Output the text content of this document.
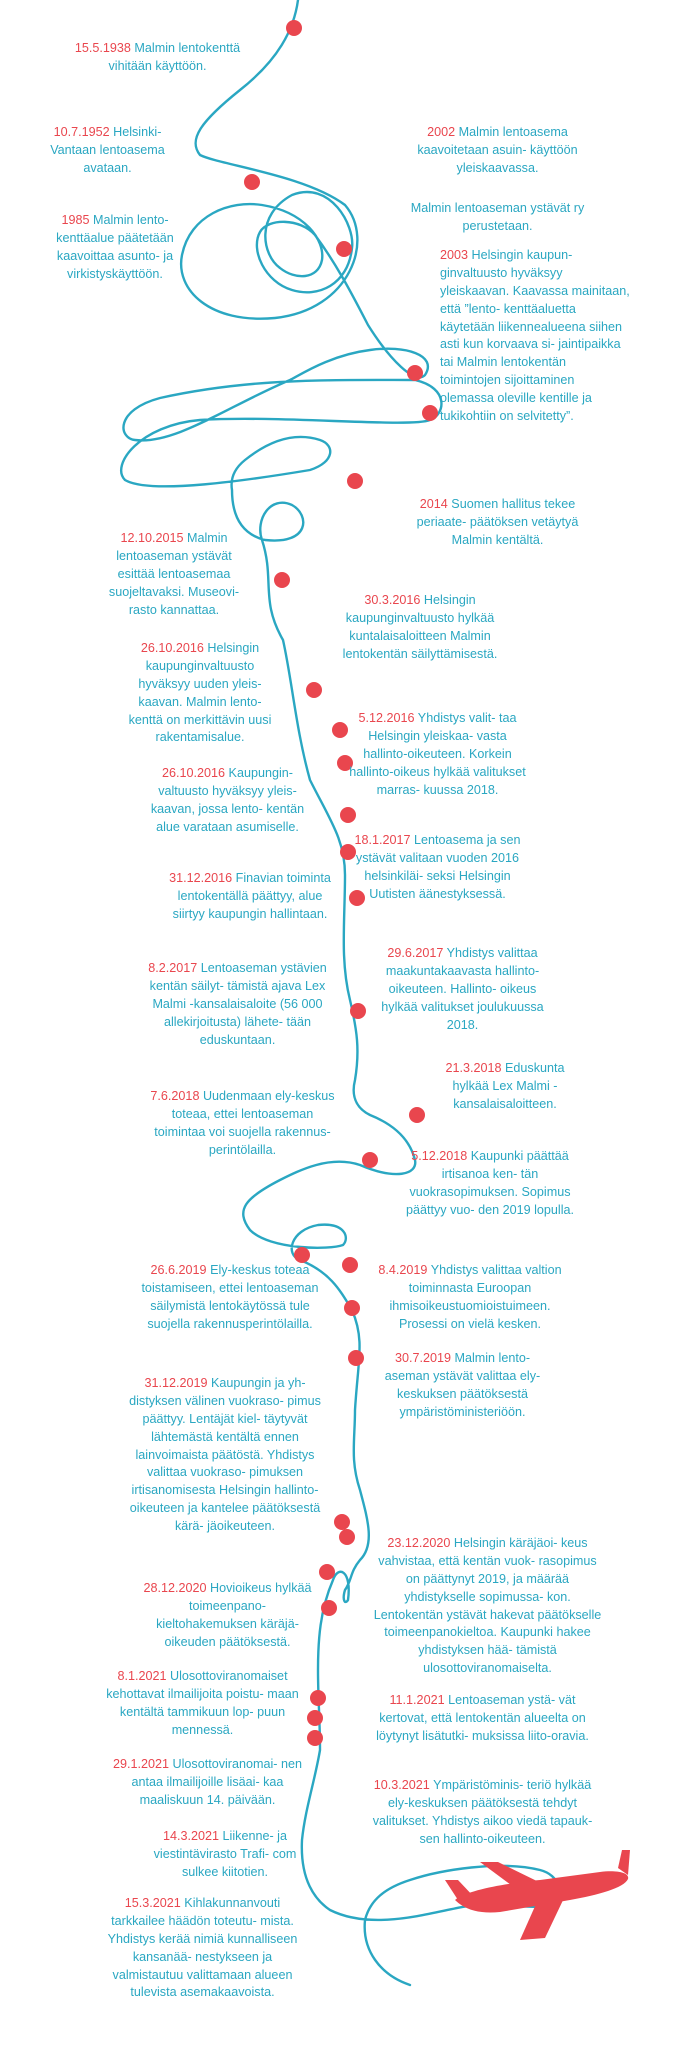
15.5.1938 Malmin lentokenttä vihitään käyttöön.
10.7.1952 Helsinki-Vantaan lentoasema avataan.
2002 Malmin lentoasema kaavoitetaan asuin- käyttöön yleiskaavassa.
Malmin lentoaseman ystävät ry perustetaan.
1985 Malmin lento- kenttäalue päätetään kaavoittaa asunto- ja virkistyskäyttöön.
2003 Helsingin kaupun- ginvaltuusto hyväksyy yleiskaavan. Kaavassa mainitaan, että ”lento- kenttäaluetta käytetään liikennealueena siihen asti kun korvaava si- jaintipaikka tai Malmin lentokentän toimintojen sijoittaminen olemassa oleville kentille ja tukikohtiin on selvitetty”.
2014 Suomen hallitus tekee periaate- päätöksen vetäytyä Malmin kentältä.
12.10.2015 Malmin lentoaseman ystävät esittää lentoasemaa suojeltavaksi. Museovi- rasto kannattaa.
30.3.2016 Helsingin kaupunginvaltuusto hylkää kuntalaisaloitteen Malmin lentokentän säilyttämisestä.
26.10.2016 Helsingin kaupunginvaltuusto hyväksyy uuden yleis- kaavan. Malmin lento- kenttä on merkittävin uusi rakentamisalue.
5.12.2016 Yhdistys valit- taa Helsingin yleiskaa- vasta hallinto-oikeuteen. Korkein hallinto-oikeus hylkää valitukset marras- kuussa 2018.
26.10.2016 Kaupungin- valtuusto hyväksyy yleis- kaavan, jossa lento- kentän alue varataan asumiselle.
18.1.2017 Lentoasema ja sen ystävät valitaan vuoden 2016 helsinkiläi- seksi Helsingin Uutisten äänestyksessä.
31.12.2016 Finavian toiminta lentokentällä päättyy, alue siirtyy kaupungin hallintaan.
29.6.2017 Yhdistys valittaa maakuntakaavasta hallinto-oikeuteen. Hallinto- oikeus hylkää valitukset joulukuussa 2018.
8.2.2017 Lentoaseman ystävien kentän säilyt- tämistä ajava Lex Malmi -kansalaisaloite (56 000 allekirjoitusta) lähete- tään eduskuntaan.
21.3.2018 Eduskunta hylkää Lex Malmi -kansalaisaloitteen.
7.6.2018 Uudenmaan ely-keskus toteaa, ettei lentoaseman toimintaa voi suojella rakennus- perintölailla.	5.12.2018 Kaupunki päättää irtisanoa ken- tän vuokrasopimuksen. Sopimus päättyy vuo- den 2019 lopulla.
26.6.2019 Ely-keskus toteaa toistamiseen, ettei lentoaseman säilymistä lentokäytössä tule suojella rakennusperintölailla.
8.4.2019 Yhdistys valittaa valtion toiminnasta Euroopan ihmisoikeustuomioistuimeen. Prosessi on vielä kesken.
30.7.2019 Malmin lento- aseman ystävät valittaa ely-keskuksen päätöksestä ympäristöministeriöön.
31.12.2019 Kaupungin ja yh- distyksen välinen vuokraso- pimus päättyy. Lentäjät kiel- täytyvät lähtemästä kentältä ennen lainvoimaista päätöstä. Yhdistys valittaa vuokraso- pimuksen irtisanomisesta Helsingin hallinto-oikeuteen ja kantelee päätöksestä kärä- jäoikeuteen.
23.12.2020 Helsingin käräjäoi- keus vahvistaa, että kentän vuok- rasopimus on päättynyt 2019, ja määrää yhdistykselle sopimussa- kon. Lentokentän ystävät hakevat päätökselle toimeenpanokieltoa. Kaupunki hakee yhdistyksen hää- tämistä ulosottoviranomaiselta.
28.12.2020 Hovioikeus hylkää toimeenpano- kieltohakemuksen käräjä- oikeuden päätöksestä.
8.1.2021 Ulosottoviranomaiset kehottavat ilmailijoita poistu- maan kentältä tammikuun lop- puun mennessä.
11.1.2021 Lentoaseman ystä- vät kertovat, että lentokentän alueelta on löytynyt lisätutki- muksissa liito-oravia.
29.1.2021 Ulosottoviranomai- nen antaa ilmailijoille lisäai- kaa maaliskuun 14. päivään.
10.3.2021 Ympäristöminis- teriö hylkää ely-keskuksen päätöksestä tehdyt valitukset. Yhdistys aikoo viedä tapauk- sen hallinto-oikeuteen.
14.3.2021 Liikenne- ja viestintävirasto Trafi- com sulkee kiitotien.
15.3.2021 Kihlakunnanvouti tarkkailee häädön toteutu- mista. Yhdistys kerää nimiä kunnalliseen kansanää- nestykseen ja valmistautuu valittamaan alueen tulevista asemakaavoista.
